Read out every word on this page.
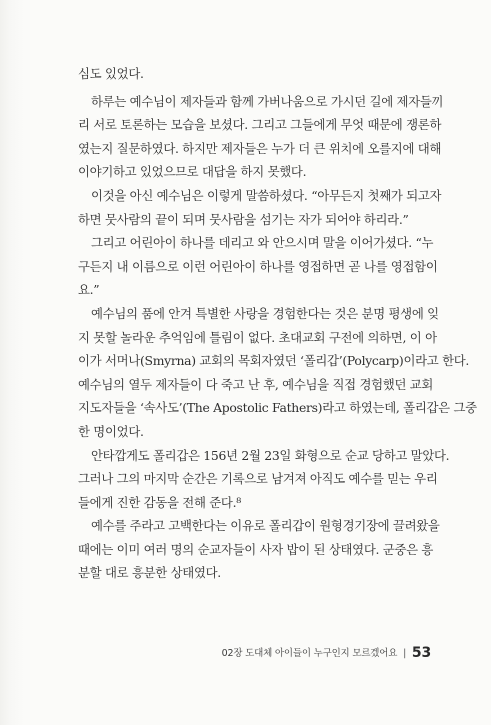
심도 있었다.
하루는 예수님이 제자들과 함께 가버나움으로 가시던 길에 제자들끼
리 서로 토론하는 모습을 보셨다. 그리고 그들에게 무엇 때문에 쟁론하
였는지 질문하였다. 하지만 제자들은 누가 더 큰 위치에 오를지에 대해
이야기하고 있었으므로 대답을 하지 못했다.
이것을 아신 예수님은 이렇게 말씀하셨다. “아무든지 첫째가 되고자
하면 뭇사람의 끝이 되며 뭇사람을 섬기는 자가 되어야 하리라.”
그리고 어린아이 하나를 데리고 와 안으시며 말을 이어가셨다. “누
구든지 내 이름으로 이런 어린아이 하나를 영접하면 곧 나를 영접함이
요.”
예수님의 품에 안겨 특별한 사랑을 경험한다는 것은 분명 평생에 잊
지 못할 놀라운 추억임에 틀림이 없다. 초대교회 구전에 의하면, 이 아
이가 서머나(Smyrna) 교회의 목회자였던 ‘폴리갑’(Polycarp)이라고 한다.
예수님의 열두 제자들이 다 죽고 난 후, 예수님을 직접 경험했던 교회
지도자들을 ‘속사도’(The Apostolic Fathers)라고 하였는데, 폴리갑은 그중
한 명이었다.
안타깝게도 폴리갑은 156년 2월 23일 화형으로 순교 당하고 말았다.
그러나 그의 마지막 순간은 기록으로 남겨져 아직도 예수를 믿는 우리
들에게 진한 감동을 전해 준다.⁸
예수를 주라고 고백한다는 이유로 폴리갑이 원형경기장에 끌려왔을
때에는 이미 여러 명의 순교자들이 사자 밥이 된 상태였다. 군중은 흥
분할 대로 흥분한 상태였다.
02장 도대체 아이들이 누구인지 모르겠어요 | 53
